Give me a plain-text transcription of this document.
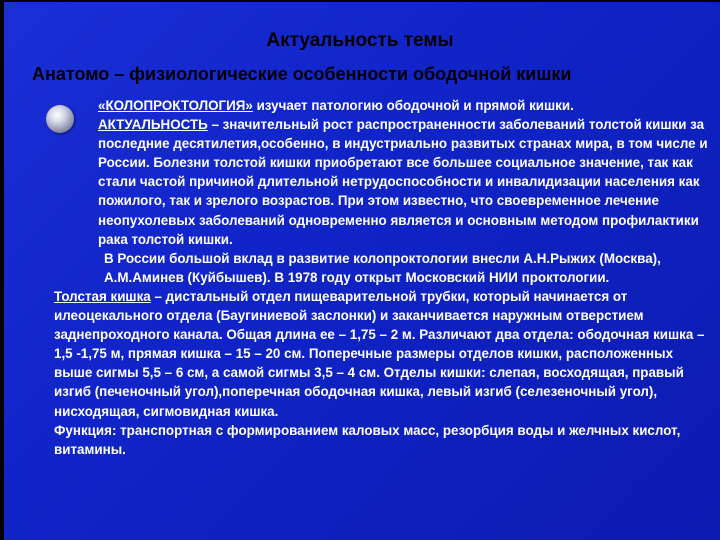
Актуальность темы
Анатомо – физиологические особенности ободочной кишки

«КОЛОПРОКТОЛОГИЯ» изучает патологию ободочной и прямой кишки.

АКТУАЛЬНОСТЬ – значительный рост распространенности заболеваний толстой кишки за последние десятилетия,особенно, в индустриально развитых странах мира, в том числе и России. Болезни толстой кишки приобретают все большее социальное значение, так как стали частой причиной длительной нетрудоспособности и инвалидизации населения как пожилого, так и зрелого возрастов. При этом известно, что своевременное лечение неопухолевых заболеваний одновременно является и основным методом профилактики рака толстой кишки.

В России большой вклад в развитие колопроктологии внесли А.Н.Рыжих (Москва), А.М.Аминев (Куйбышев). В 1978 году открыт Московский НИИ проктологии.

Толстая кишка – дистальный отдел пищеварительной трубки, который начинается от илеоцекального отдела (Баугиниевой заслонки) и заканчивается наружным отверстием заднепроходного канала. Общая длина ее – 1,75 – 2 м. Различают два отдела: ободочная кишка – 1,5 -1,75 м, прямая кишка – 15 – 20 см. Поперечные размеры отделов кишки, расположенных выше сигмы 5,5 – 6 см, а самой сигмы 3,5 – 4 см. Отделы кишки: слепая, восходящая, правый изгиб (печеночный угол),поперечная ободочная кишка, левый изгиб (селезеночный угол), нисходящая, сигмовидная кишка.

Функция: транспортная с формированием каловых масс, резорбция воды и желчных кислот, витамины.
